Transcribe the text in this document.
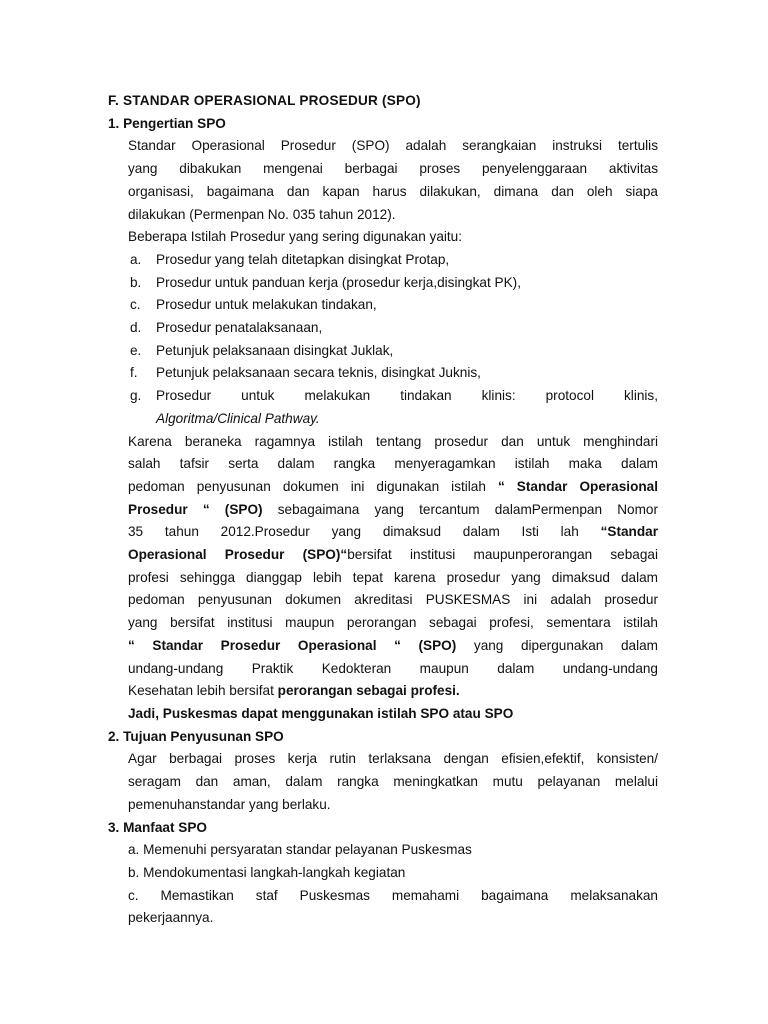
F. STANDAR OPERASIONAL PROSEDUR (SPO)
1. Pengertian SPO
Standar Operasional Prosedur (SPO) adalah serangkaian instruksi tertulis
yang dibakukan mengenai berbagai proses penyelenggaraan aktivitas
organisasi, bagaimana dan kapan harus dilakukan, dimana dan oleh siapa
dilakukan (Permenpan No. 035 tahun 2012).
Beberapa Istilah Prosedur yang sering digunakan yaitu:
a.	Prosedur yang telah ditetapkan disingkat Protap,
b.	Prosedur untuk panduan kerja (prosedur kerja,disingkat PK),
c.	Prosedur untuk melakukan tindakan,
d.	Prosedur penatalaksanaan,
e.	Petunjuk pelaksanaan disingkat Juklak,
f.	Petunjuk pelaksanaan secara teknis, disingkat Juknis,
g.	Prosedur untuk melakukan tindakan klinis: protocol klinis,
Algoritma/Clinical Pathway.
Karena beraneka ragamnya istilah tentang prosedur dan untuk menghindari
salah tafsir serta dalam rangka menyeragamkan istilah maka dalam
pedoman penyusunan dokumen ini digunakan istilah “ Standar Operasional
Prosedur “ (SPO) sebagaimana yang tercantum dalamPermenpan Nomor
35 tahun 2012.Prosedur yang dimaksud dalam Isti lah “Standar
Operasional Prosedur (SPO)“bersifat institusi maupunperorangan sebagai
profesi sehingga dianggap lebih tepat karena prosedur yang dimaksud dalam
pedoman penyusunan dokumen akreditasi PUSKESMAS ini adalah prosedur
yang bersifat institusi maupun perorangan sebagai profesi, sementara istilah
“ Standar Prosedur Operasional “ (SPO) yang dipergunakan dalam
undang-undang Praktik Kedokteran maupun dalam undang-undang
Kesehatan lebih bersifat perorangan sebagai profesi.
Jadi, Puskesmas dapat menggunakan istilah SPO atau SPO
2. Tujuan Penyusunan SPO
Agar berbagai proses kerja rutin terlaksana dengan efisien,efektif, konsisten/
seragam dan aman, dalam rangka meningkatkan mutu pelayanan melalui
pemenuhanstandar yang berlaku.
3. Manfaat SPO
a. Memenuhi persyaratan standar pelayanan Puskesmas
b. Mendokumentasi langkah-langkah kegiatan
c. Memastikan staf Puskesmas memahami bagaimana melaksanakan
pekerjaannya.
